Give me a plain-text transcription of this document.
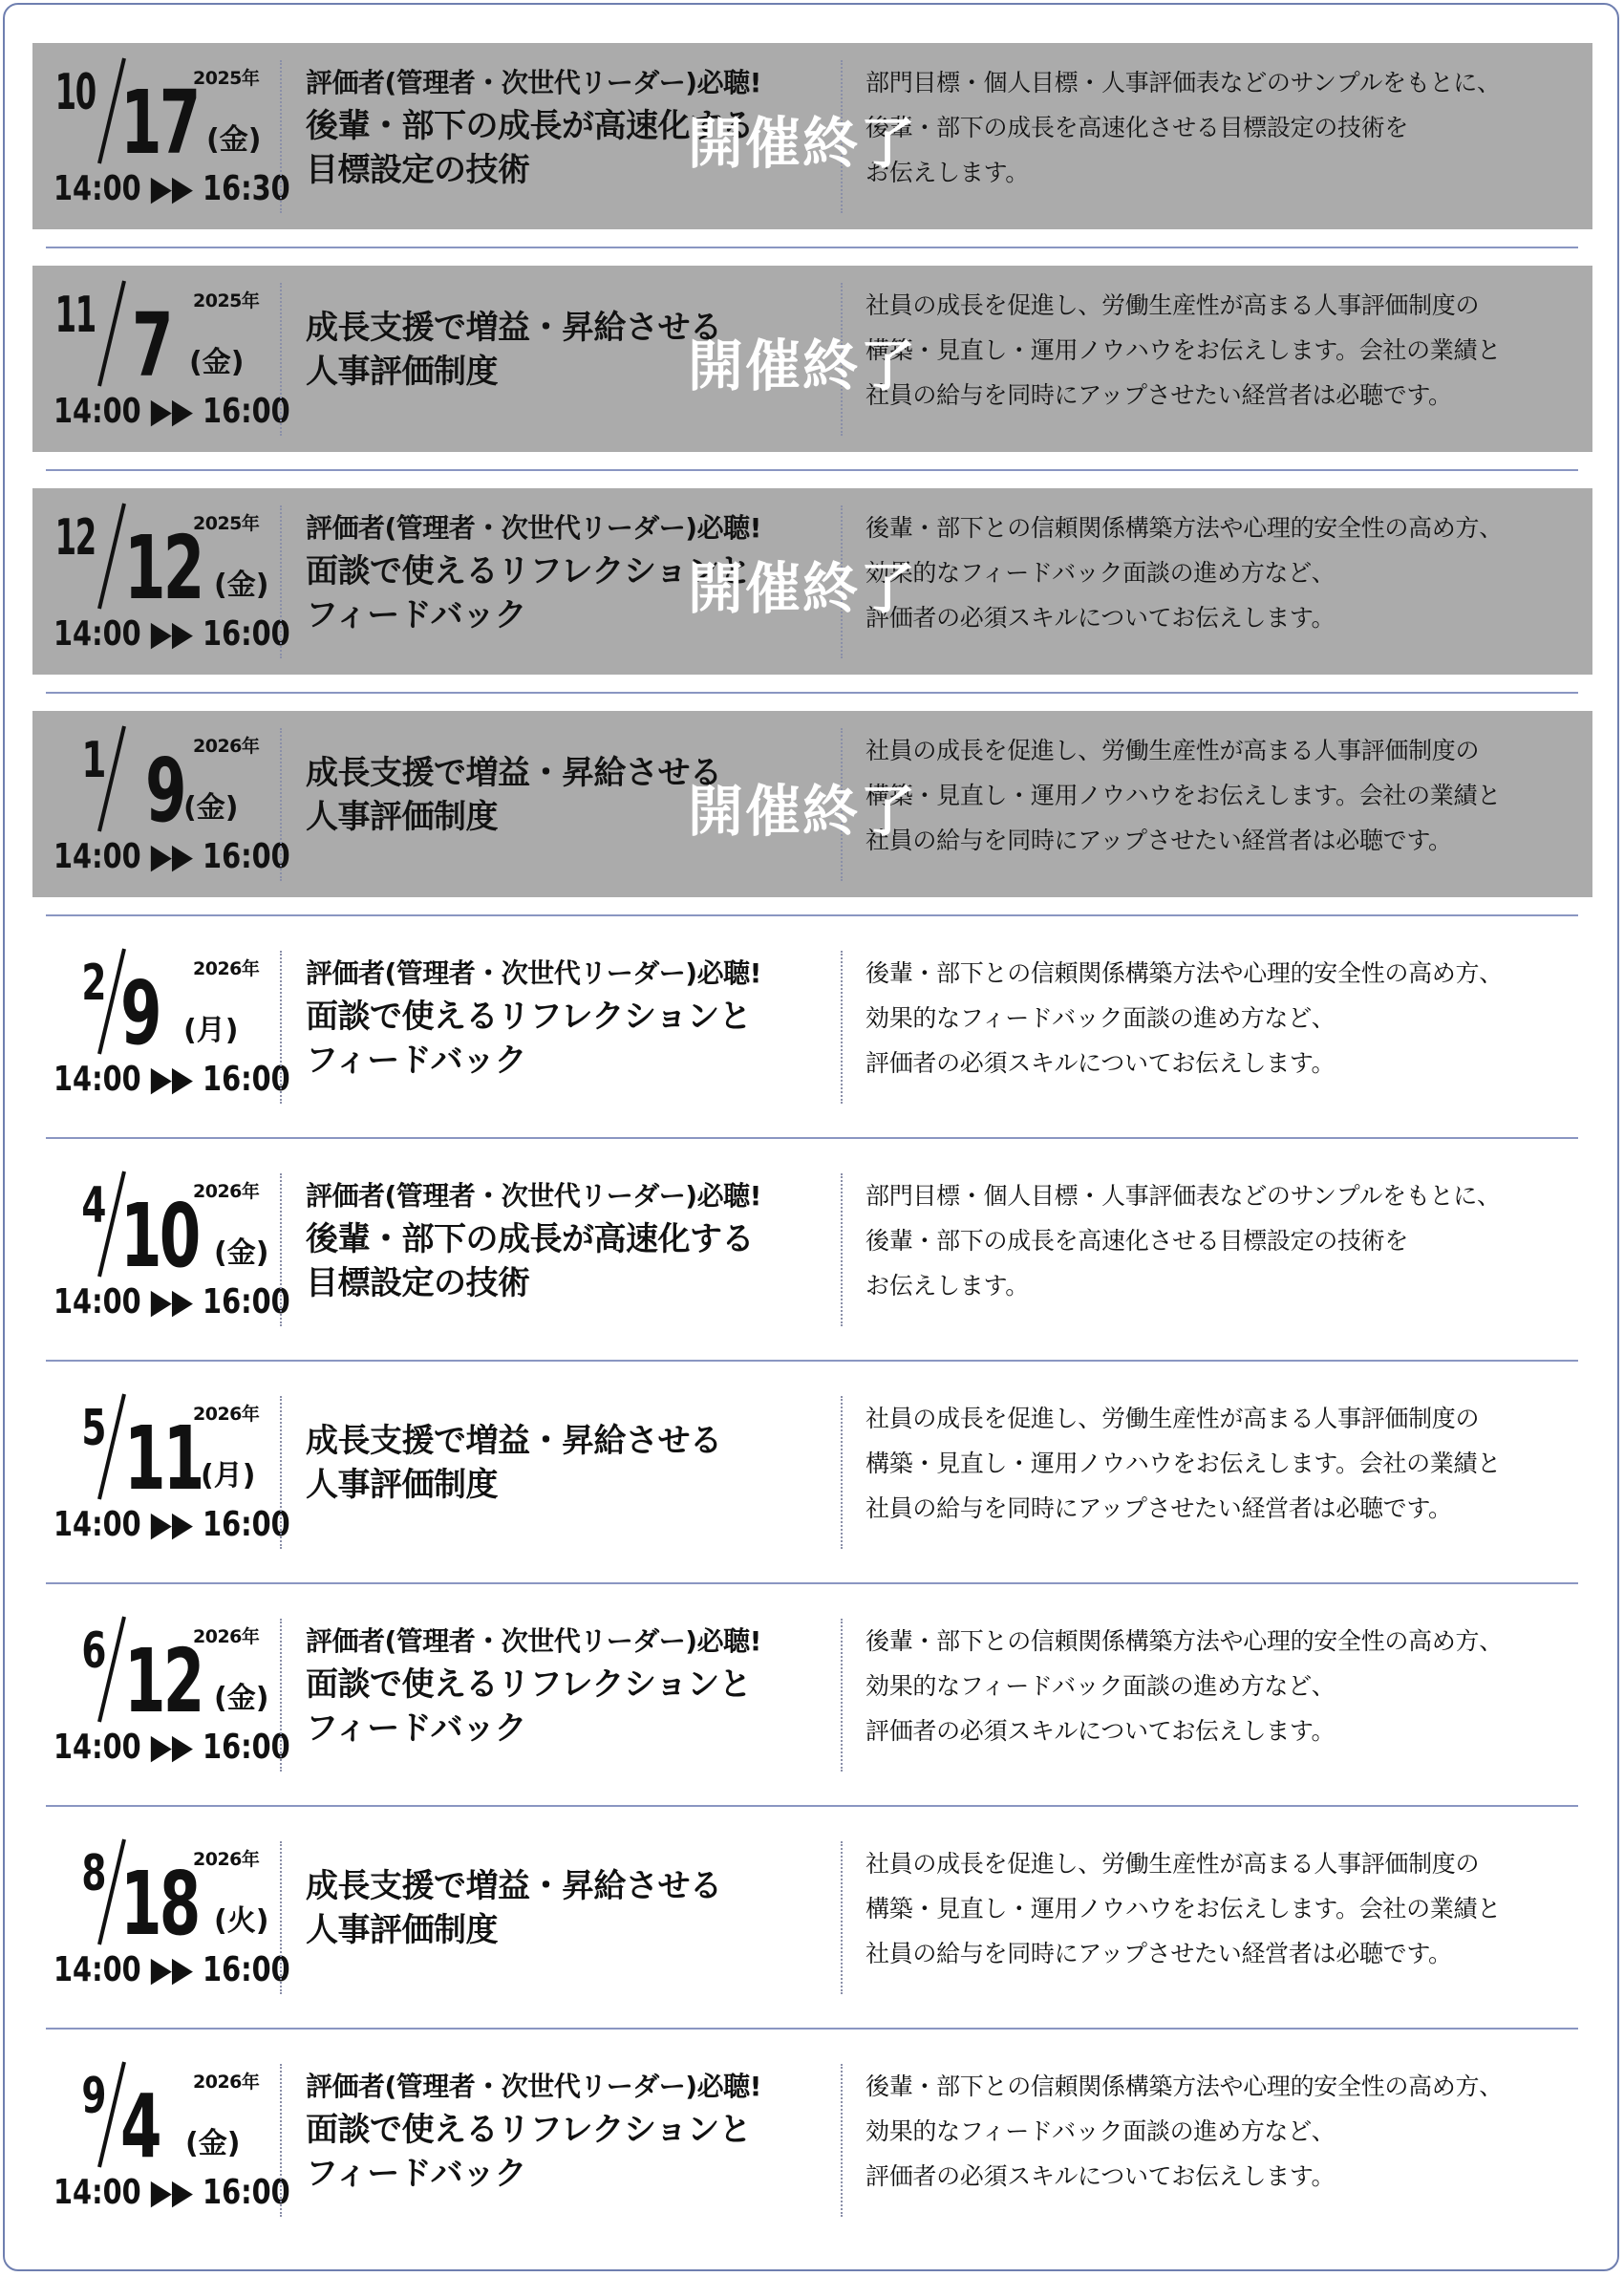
2025年
10 17 (金)
14:00 ▶▶ 16:30
評価者(管理者・次世代リーダー)必聴!
後輩・部下の成長が高速化する
目標設定の技術
部門目標・個人目標・人事評価表などのサンプルをもとに、
後輩・部下の成長を高速化させる目標設定の技術を
お伝えします。
開催終了
2025年
11 7 (金)
14:00 ▶▶ 16:00
成長支援で増益・昇給させる
人事評価制度
社員の成長を促進し、労働生産性が高まる人事評価制度の
構築・見直し・運用ノウハウをお伝えします。会社の業績と
社員の給与を同時にアップさせたい経営者は必聴です。
開催終了
2025年
12 12 (金)
14:00 ▶▶ 16:00
評価者(管理者・次世代リーダー)必聴!
面談で使えるリフレクションと
フィードバック
後輩・部下との信頼関係構築方法や心理的安全性の高め方、
効果的なフィードバック面談の進め方など、
評価者の必須スキルについてお伝えします。
開催終了
2026年
1 9 (金)
14:00 ▶▶ 16:00
成長支援で増益・昇給させる
人事評価制度
社員の成長を促進し、労働生産性が高まる人事評価制度の
構築・見直し・運用ノウハウをお伝えします。会社の業績と
社員の給与を同時にアップさせたい経営者は必聴です。
開催終了
2026年
2 9 (月)
14:00 ▶▶ 16:00
評価者(管理者・次世代リーダー)必聴!
面談で使えるリフレクションと
フィードバック
後輩・部下との信頼関係構築方法や心理的安全性の高め方、
効果的なフィードバック面談の進め方など、
評価者の必須スキルについてお伝えします。
2026年
4 10 (金)
14:00 ▶▶ 16:00
評価者(管理者・次世代リーダー)必聴!
後輩・部下の成長が高速化する
目標設定の技術
部門目標・個人目標・人事評価表などのサンプルをもとに、
後輩・部下の成長を高速化させる目標設定の技術を
お伝えします。
2026年
5 11
(月)
14:00 ▶▶ 16:00
成長支援で増益・昇給させる
人事評価制度
社員の成長を促進し、労働生産性が高まる人事評価制度の
構築・見直し・運用ノウハウをお伝えします。会社の業績と
社員の給与を同時にアップさせたい経営者は必聴です。
2026年
6 12 (金)
14:00 ▶▶ 16:00
評価者(管理者・次世代リーダー)必聴!
面談で使えるリフレクションと
フィードバック
後輩・部下との信頼関係構築方法や心理的安全性の高め方、
効果的なフィードバック面談の進め方など、
評価者の必須スキルについてお伝えします。
2026年
8 18 (火)
14:00 ▶▶ 16:00
成長支援で増益・昇給させる
人事評価制度
社員の成長を促進し、労働生産性が高まる人事評価制度の
構築・見直し・運用ノウハウをお伝えします。会社の業績と
社員の給与を同時にアップさせたい経営者は必聴です。
2026年
9 4 (金)
14:00 ▶▶ 16:00
評価者(管理者・次世代リーダー)必聴!
面談で使えるリフレクションと
フィードバック
後輩・部下との信頼関係構築方法や心理的安全性の高め方、
効果的なフィードバック面談の進め方など、
評価者の必須スキルについてお伝えします。
